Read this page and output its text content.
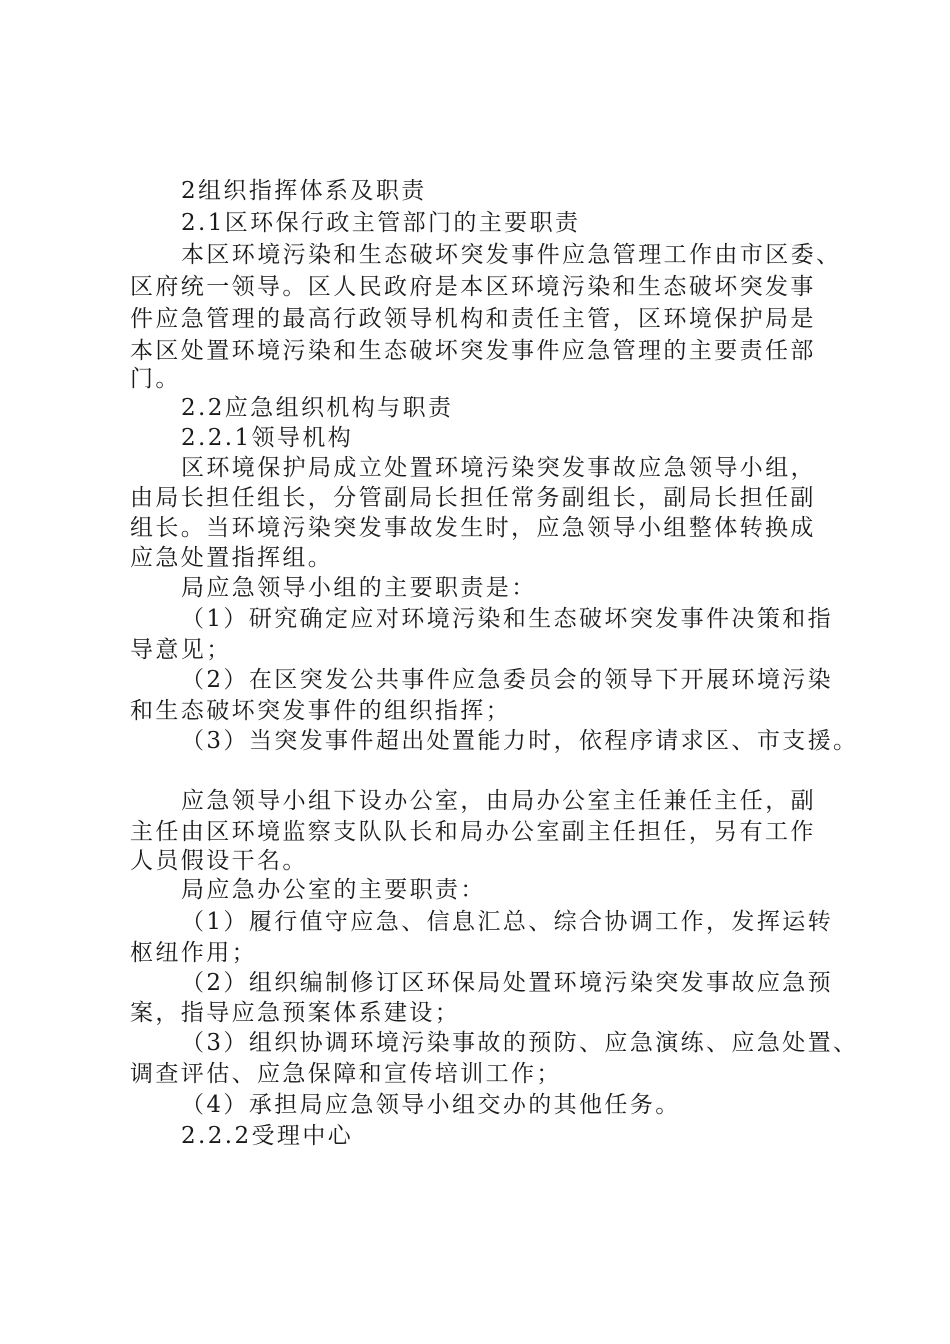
2组织指挥体系及职责

2.1区环保行政主管部门的主要职责

本区环境污染和生态破坏突发事件应急管理工作由市区委、

区府统一领导。区人民政府是本区环境污染和生态破坏突发事

件应急管理的最高行政领导机构和责任主管，区环境保护局是

本区处置环境污染和生态破坏突发事件应急管理的主要责任部

门。

2.2应急组织机构与职责

2.2.1领导机构

区环境保护局成立处置环境污染突发事故应急领导小组，

由局长担任组长，分管副局长担任常务副组长，副局长担任副

组长。当环境污染突发事故发生时，应急领导小组整体转换成

应急处置指挥组。

局应急领导小组的主要职责是：

（1）研究确定应对环境污染和生态破坏突发事件决策和指

导意见；

（2）在区突发公共事件应急委员会的领导下开展环境污染

和生态破坏突发事件的组织指挥；

（3）当突发事件超出处置能力时，依程序请求区、市支援。

应急领导小组下设办公室，由局办公室主任兼任主任，副

主任由区环境监察支队队长和局办公室副主任担任，另有工作

人员假设干名。

局应急办公室的主要职责：

（1）履行值守应急、信息汇总、综合协调工作，发挥运转

枢纽作用；

（2）组织编制修订区环保局处置环境污染突发事故应急预

案，指导应急预案体系建设；

（3）组织协调环境污染事故的预防、应急演练、应急处置、

调查评估、应急保障和宣传培训工作；

（4）承担局应急领导小组交办的其他任务。

2.2.2受理中心
